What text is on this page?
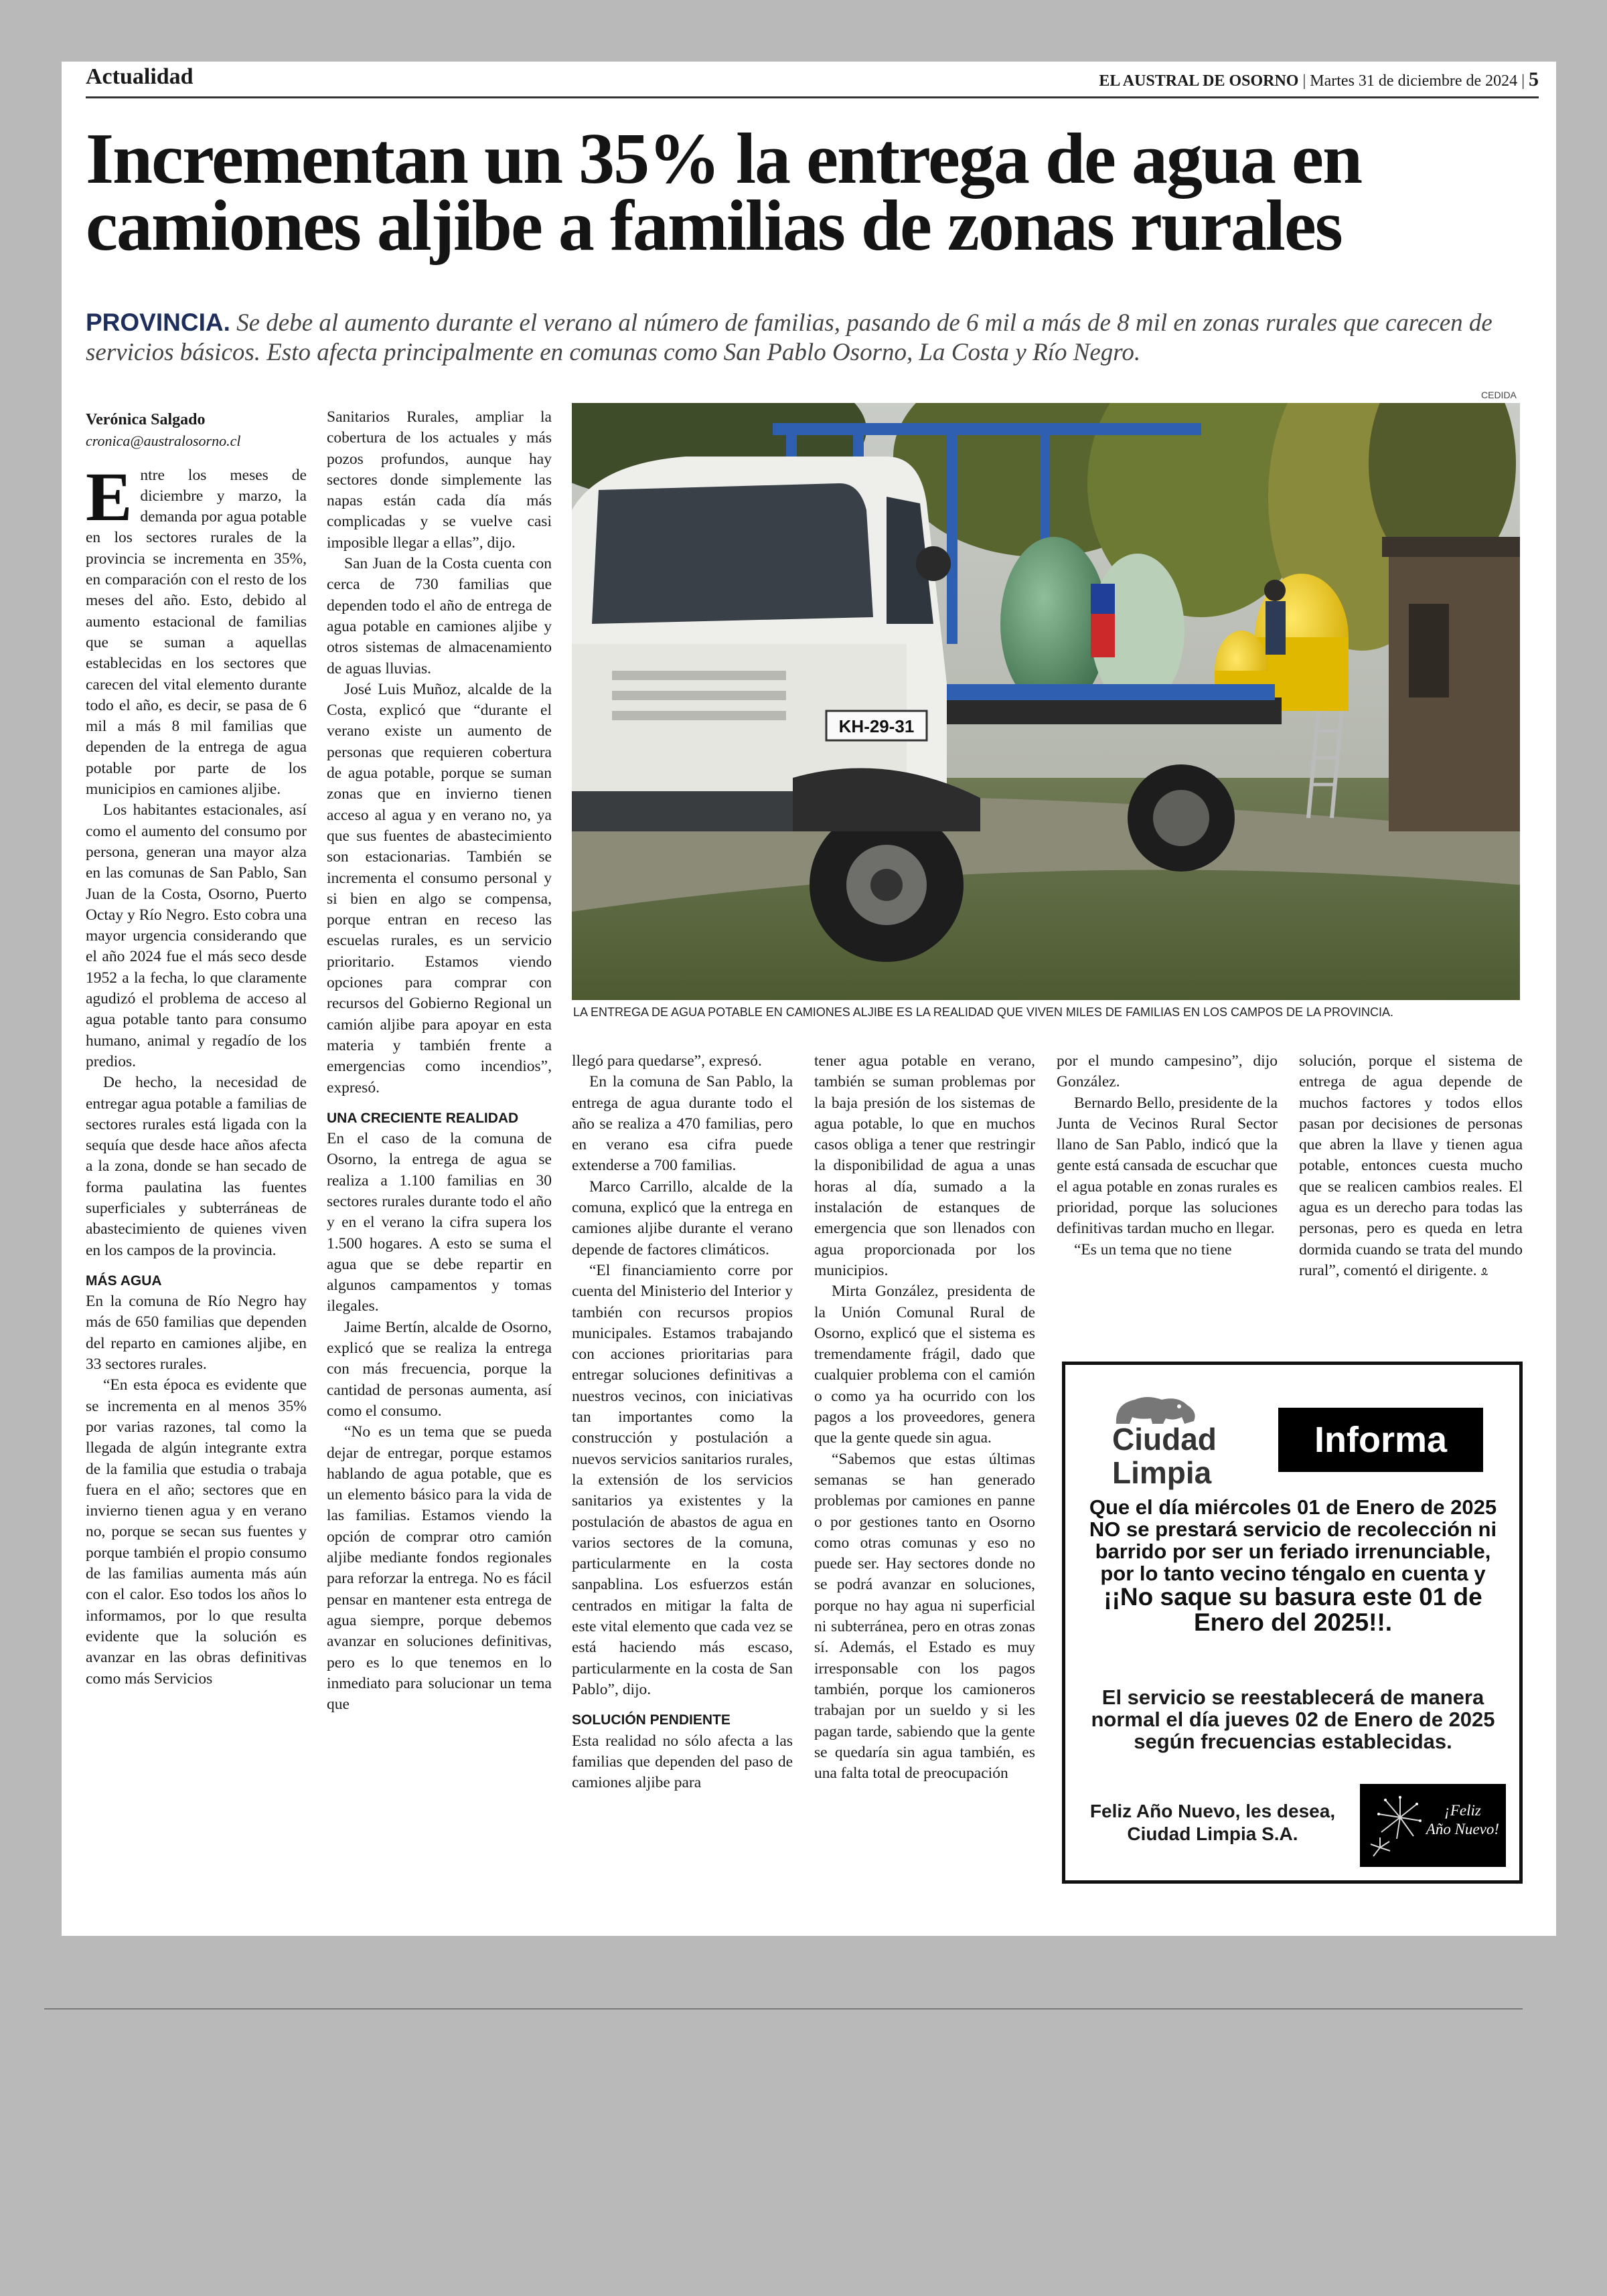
Actualidad	EL AUSTRAL DE OSORNO | Martes 31 de diciembre de 2024 | 5
Incrementan un 35% la entrega de agua en
camiones aljibe a familias de zonas rurales
PROVINCIA. Se debe al aumento durante el verano al número de familias, pasando de 6 mil a más de 8 mil en zonas rurales que carecen de servicios básicos. Esto afecta principalmente en comunas como San Pablo Osorno, La Costa y Río Negro.
CEDIDA
KH-29-31
LA ENTREGA DE AGUA POTABLE EN CAMIONES ALJIBE ES LA REALIDAD QUE VIVEN MILES DE FAMILIAS EN LOS CAMPOS DE LA PROVINCIA.
Verónica Salgado
cronica@australosorno.cl

Entre los meses de diciembre y marzo, la demanda por agua potable en los sectores rurales de la provincia se incrementa en 35%, en comparación con el resto de los meses del año. Esto, debido al aumento estacional de familias que se suman a aquellas establecidas en los sectores que carecen del vital elemento durante todo el año, es decir, se pasa de 6 mil a más 8 mil familias que dependen de la entrega de agua potable por parte de los municipios en camiones aljibe.

Los habitantes estacionales, así como el aumento del consumo por persona, generan una mayor alza en las comunas de San Pablo, San Juan de la Costa, Osorno, Puerto Octay y Río Negro. Esto cobra una mayor urgencia considerando que el año 2024 fue el más seco desde 1952 a la fecha, lo que claramente agudizó el problema de acceso al agua potable tanto para consumo humano, animal y regadío de los predios.

De hecho, la necesidad de entregar agua potable a familias de sectores rurales está ligada con la sequía que desde hace años afecta a la zona, donde se han secado de forma paulatina las fuentes superficiales y subterráneas de abastecimiento de quienes viven en los campos de la provincia.

MÁS AGUA

En la comuna de Río Negro hay más de 650 familias que dependen del reparto en camiones aljibe, en 33 sectores rurales.

“En esta época es evidente que se incrementa en al menos 35% por varias razones, tal como la llegada de algún integrante extra de la familia que estudia o trabaja fuera en el año; sectores que en invierno tienen agua y en verano no, porque se secan sus fuentes y porque también el propio consumo de las familias aumenta más aún con el calor. Eso todos los años lo informamos, por lo que resulta evidente que la solución es avanzar en las obras definitivas como más Servicios

Sanitarios Rurales, ampliar la cobertura de los actuales y más pozos profundos, aunque hay sectores donde simplemente las napas están cada día más complicadas y se vuelve casi imposible llegar a ellas”, dijo.

San Juan de la Costa cuenta con cerca de 730 familias que dependen todo el año de entrega de agua potable en camiones aljibe y otros sistemas de almacenamiento de aguas lluvias.

José Luis Muñoz, alcalde de la Costa, explicó que “durante el verano existe un aumento de personas que requieren cobertura de agua potable, porque se suman zonas que en invierno tienen acceso al agua y en verano no, ya que sus fuentes de abastecimiento son estacionarias. También se incrementa el consumo personal y si bien en algo se compensa, porque entran en receso las escuelas rurales, es un servicio prioritario. Estamos viendo opciones para comprar con recursos del Gobierno Regional un camión aljibe para apoyar en esta materia y también frente a emergencias como incendios”, expresó.

UNA CRECIENTE REALIDAD

En el caso de la comuna de Osorno, la entrega de agua se realiza a 1.100 familias en 30 sectores rurales durante todo el año y en el verano la cifra supera los 1.500 hogares. A esto se suma el agua que se debe repartir en algunos campamentos y tomas ilegales.

Jaime Bertín, alcalde de Osorno, explicó que se realiza la entrega con más frecuencia, porque la cantidad de personas aumenta, así como el consumo.

“No es un tema que se pueda dejar de entregar, porque estamos hablando de agua potable, que es un elemento básico para la vida de las familias. Estamos viendo la opción de comprar otro camión aljibe mediante fondos regionales para reforzar la entrega. No es fácil pensar en mantener esta entrega de agua siempre, porque debemos avanzar en soluciones definitivas, pero es lo que tenemos en lo inmediato para solucionar un tema que

llegó para quedarse”, expresó.

En la comuna de San Pablo, la entrega de agua durante todo el año se realiza a 470 familias, pero en verano esa cifra puede extenderse a 700 familias.

Marco Carrillo, alcalde de la comuna, explicó que la entrega en camiones aljibe durante el verano depende de factores climáticos.

“El financiamiento corre por cuenta del Ministerio del Interior y también con recursos propios municipales. Estamos trabajando con acciones prioritarias para entregar soluciones definitivas a nuestros vecinos, con iniciativas tan importantes como la construcción y postulación a nuevos servicios sanitarios rurales, la extensión de los servicios sanitarios ya existentes y la postulación de abastos de agua en varios sectores de la comuna, particularmente en la costa sanpablina. Los esfuerzos están centrados en mitigar la falta de este vital elemento que cada vez se está haciendo más escaso, particularmente en la costa de San Pablo”, dijo.

SOLUCIÓN PENDIENTE

Esta realidad no sólo afecta a las familias que dependen del paso de camiones aljibe para

tener agua potable en verano, también se suman problemas por la baja presión de los sistemas de agua potable, lo que en muchos casos obliga a tener que restringir la disponibilidad de agua a unas horas al día, sumado a la instalación de estanques de emergencia que son llenados con agua proporcionada por los municipios.

Mirta González, presidenta de la Unión Comunal Rural de Osorno, explicó que el sistema es tremendamente frágil, dado que cualquier problema con el camión o como ya ha ocurrido con los pagos a los proveedores, genera que la gente quede sin agua.

“Sabemos que estas últimas semanas se han generado problemas por camiones en panne o por gestiones tanto en Osorno como otras comunas y eso no puede ser. Hay sectores donde no se podrá avanzar en soluciones, porque no hay agua ni superficial ni subterránea, pero en otras zonas sí. Además, el Estado es muy irresponsable con los pagos también, porque los camioneros trabajan por un sueldo y si les pagan tarde, sabiendo que la gente se quedaría sin agua también, es una falta total de preocupación

por el mundo campesino”, dijo González.

Bernardo Bello, presidente de la Junta de Vecinos Rural Sector llano de San Pablo, indicó que la gente está cansada de escuchar que el agua potable en zonas rurales es prioridad, porque las soluciones definitivas tardan mucho en llegar.

“Es un tema que no tiene

solución, porque el sistema de entrega de agua depende de muchos factores y todos ellos pasan por decisiones de personas que abren la llave y tienen agua potable, entonces cuesta mucho que se realicen cambios reales. El agua es un derecho para todas las personas, pero es queda en letra dormida cuando se trata del mundo rural”, comentó el dirigente. ᦸ

Ciudad
Limpia
Informa
Que el día miércoles 01 de Enero de 2025 NO se prestará servicio de recolección ni barrido por ser un feriado irrenunciable, por lo tanto vecino téngalo en cuenta y
¡¡No saque su basura este 01 de Enero del 2025!!.
El servicio se reestablecerá de manera normal el día jueves 02 de Enero de 2025 según frecuencias establecidas.
Feliz Año Nuevo, les desea,
Ciudad Limpia S.A.
¡Feliz
Año Nuevo!
